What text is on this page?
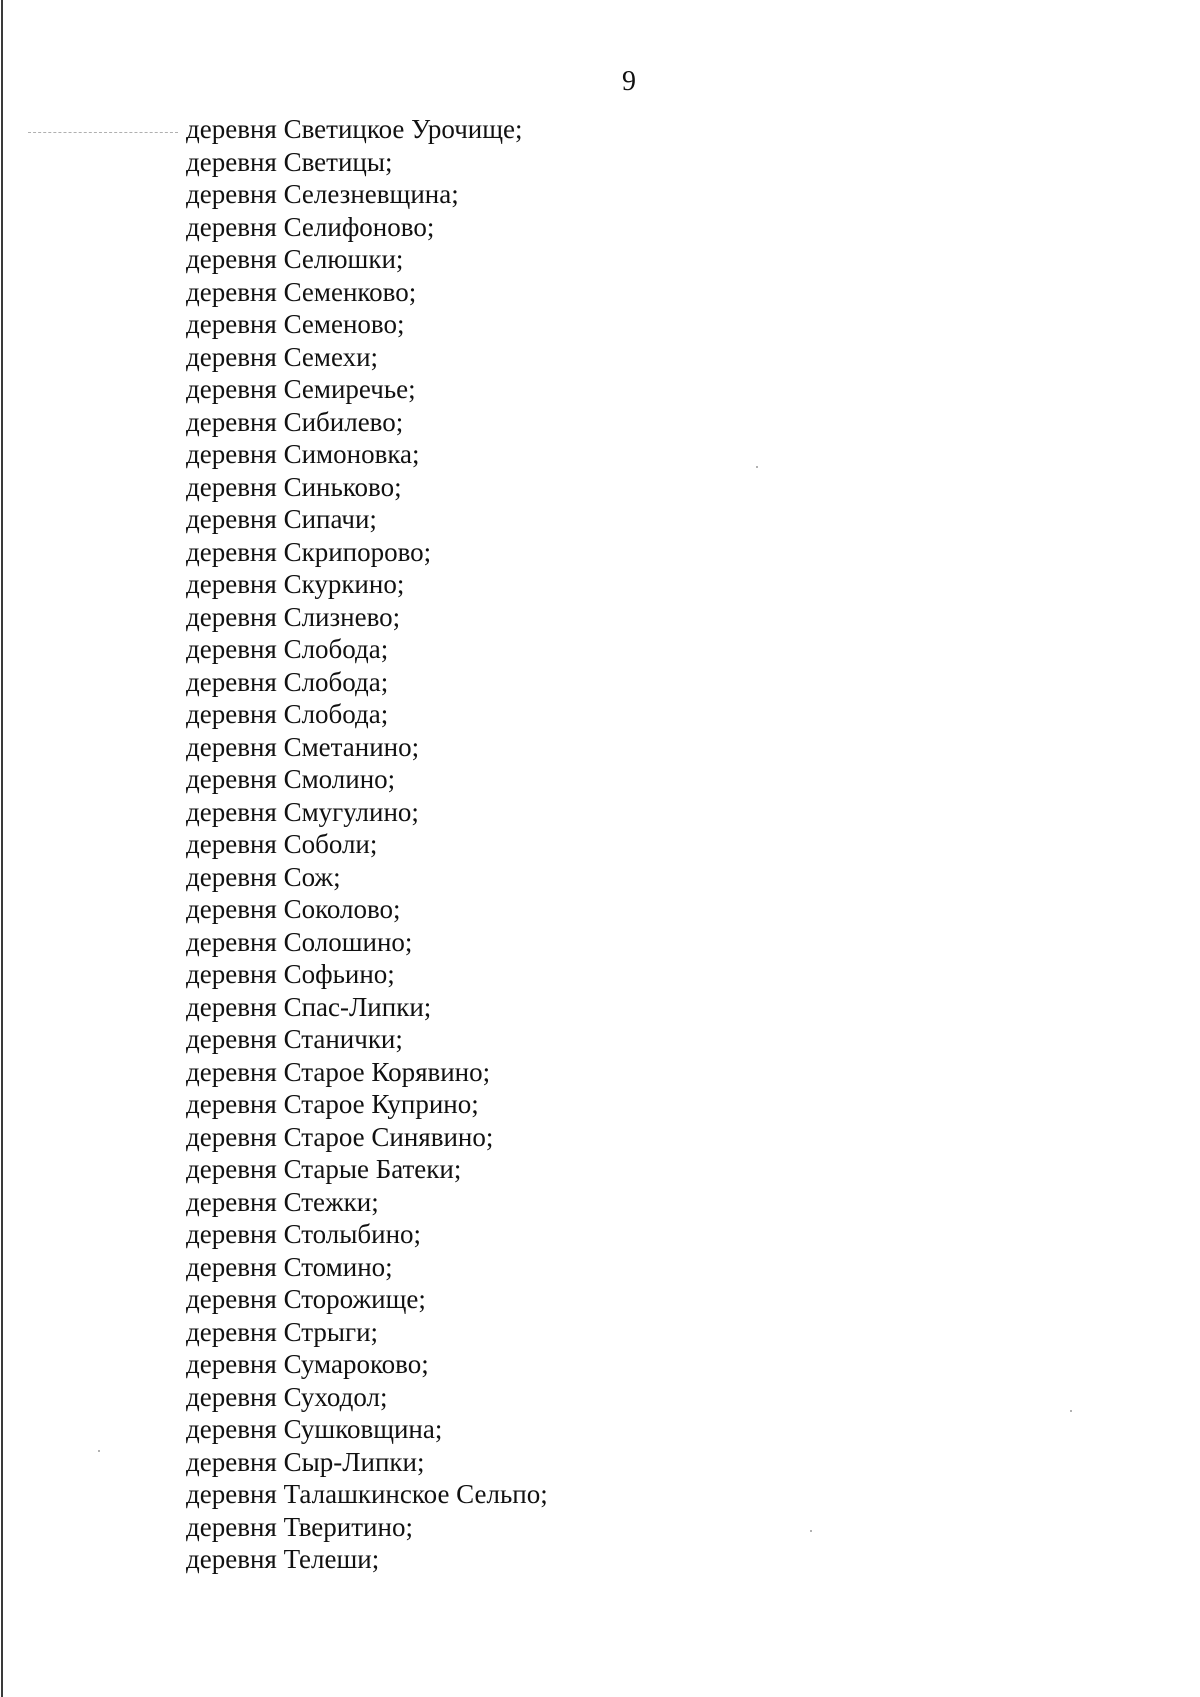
9
деревня Светицкое Урочище;
деревня Светицы;
деревня Селезневщина;
деревня Селифоново;
деревня Селюшки;
деревня Семенково;
деревня Семеново;
деревня Семехи;
деревня Семиречье;
деревня Сибилево;
деревня Симоновка;
деревня Синьково;
деревня Сипачи;
деревня Скрипорово;
деревня Скуркино;
деревня Слизнево;
деревня Слобода;
деревня Слобода;
деревня Слобода;
деревня Сметанино;
деревня Смолино;
деревня Смугулино;
деревня Соболи;
деревня Сож;
деревня Соколово;
деревня Солошино;
деревня Софьино;
деревня Спас-Липки;
деревня Станички;
деревня Старое Корявино;
деревня Старое Куприно;
деревня Старое Синявино;
деревня Старые Батеки;
деревня Стежки;
деревня Столыбино;
деревня Стомино;
деревня Сторожище;
деревня Стрыги;
деревня Сумароково;
деревня Суходол;
деревня Сушковщина;
деревня Сыр-Липки;
деревня Талашкинское Сельпо;
деревня Тверитино;
деревня Телеши;
